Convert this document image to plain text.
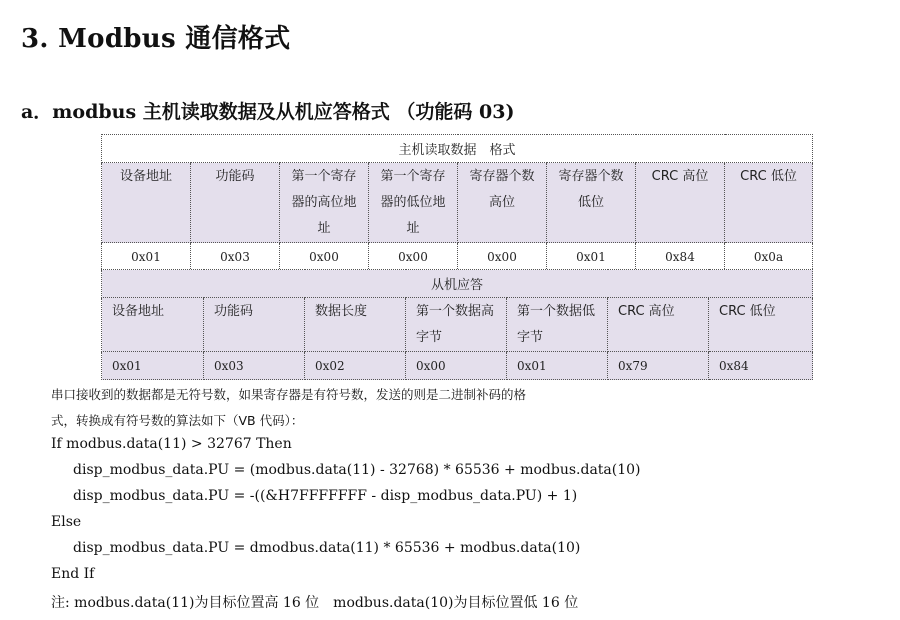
3. Modbus 通信格式
a．modbus 主机读取数据及从机应答格式 （功能码 03)
主机读取数据　格式							
设备地址	功能码	第一个寄存器的高位地址	第一个寄存器的低位地址	寄存器个数高位	寄存器个数低位	CRC 高位	CRC 低位
0x01	0x03	0x00	0x00	0x00	0x01	0x84	0x0a
从机应答						
设备地址	功能码	数据长度	第一个数据高字节	第一个数据低字节	CRC 高位	CRC 低位
0x01	0x03	0x02	0x00	0x01	0x79	0x84

串口接收到的数据都是无符号数，如果寄存器是有符号数，发送的则是二进制补码的格

式，转换成有符号数的算法如下（VB 代码）：

If modbus.data(11) > 32767 Then

disp_modbus_data.PU = (modbus.data(11) - 32768) * 65536 + modbus.data(10)

disp_modbus_data.PU = -((&H7FFFFFFF - disp_modbus_data.PU) + 1)

Else

disp_modbus_data.PU = dmodbus.data(11) * 65536 + modbus.data(10)

End If

注: modbus.data(11)为目标位置高 16 位　modbus.data(10)为目标位置低 16 位
